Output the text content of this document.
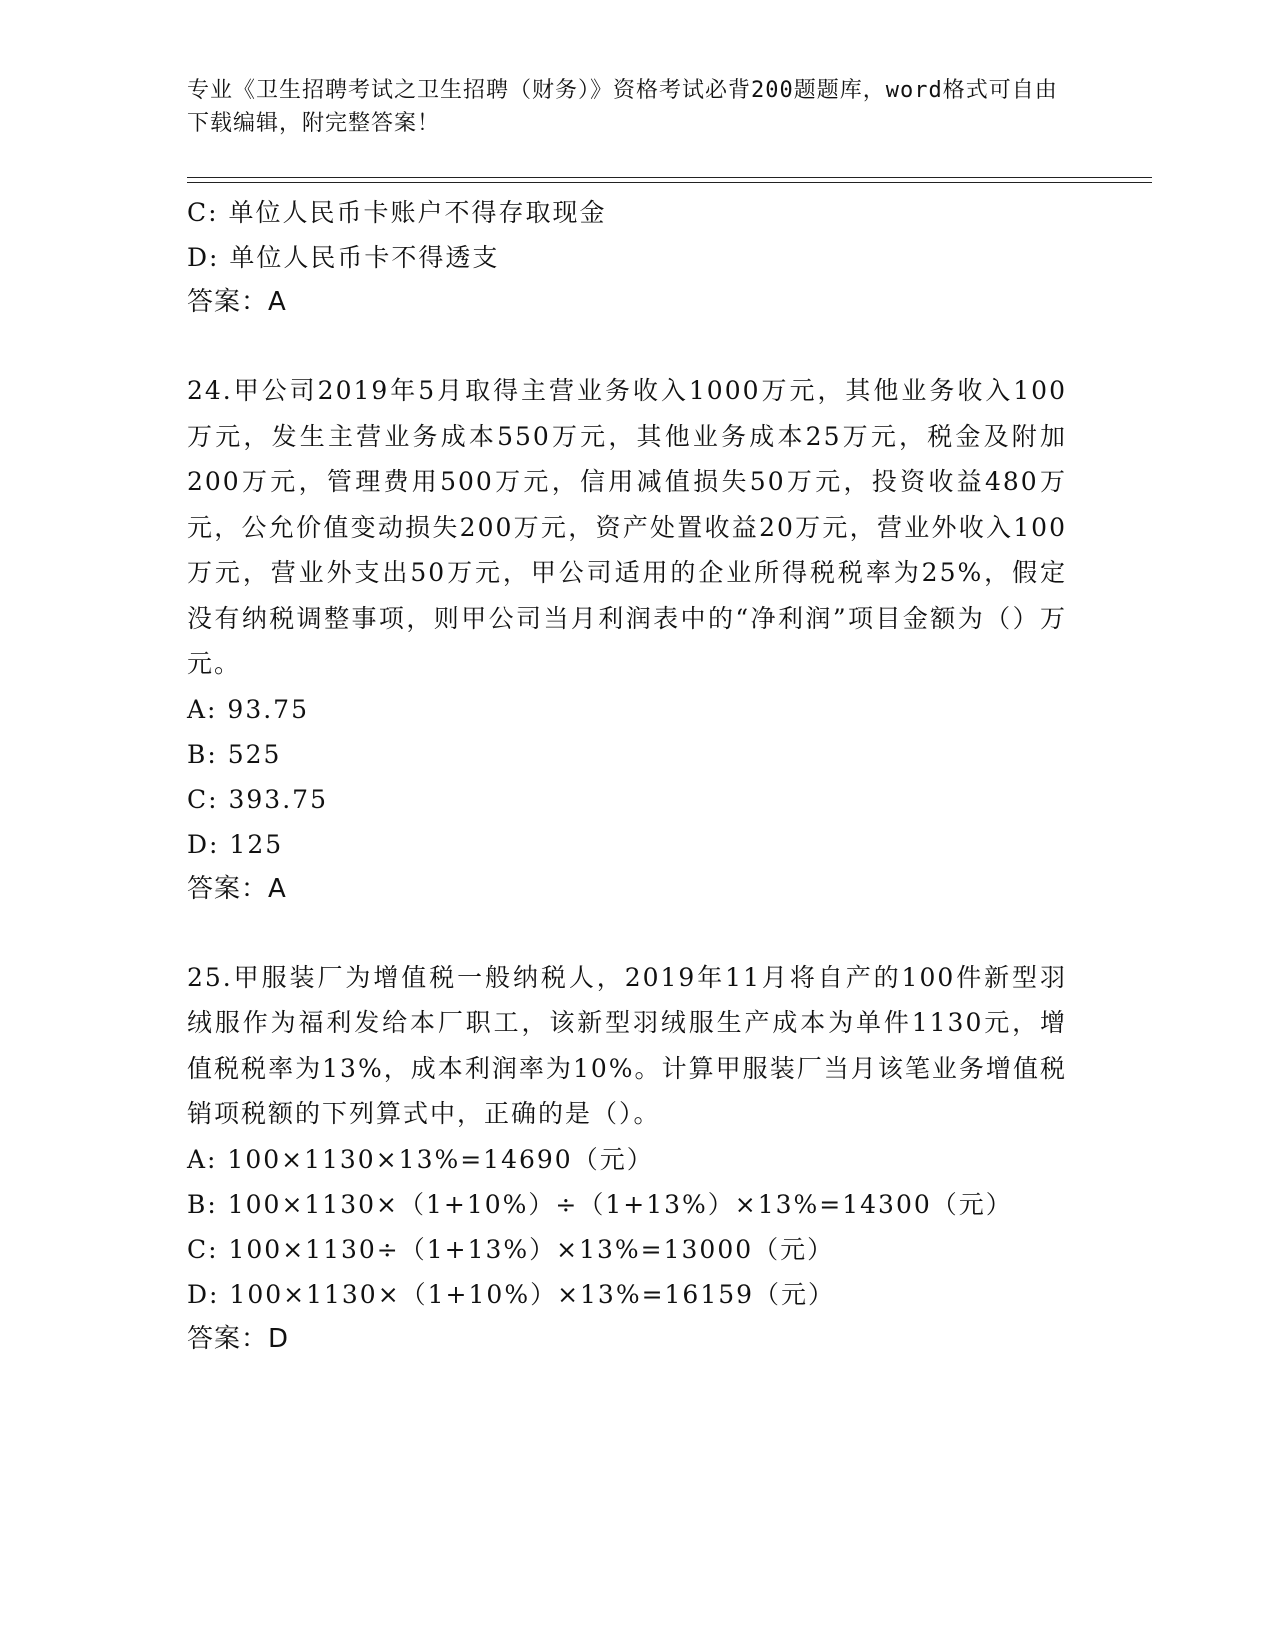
专业《卫生招聘考试之卫生招聘（财务）》资格考试必背200题题库，word格式可自由下载编辑，附完整答案！
C: 单位人民币卡账户不得存取现金
D: 单位人民币卡不得透支
答案：A
24.甲公司2019年5月取得主营业务收入1000万元，其他业务收入100万元，发生主营业务成本550万元，其他业务成本25万元，税金及附加200万元，管理费用500万元，信用减值损失50万元，投资收益480万元，公允价值变动损失200万元，资产处置收益20万元，营业外收入100万元，营业外支出50万元，甲公司适用的企业所得税税率为25%，假定没有纳税调整事项，则甲公司当月利润表中的“净利润”项目金额为（）万元。
A: 93.75
B: 525
C: 393.75
D: 125
答案：A
25.甲服装厂为增值税一般纳税人，2019年11月将自产的100件新型羽绒服作为福利发给本厂职工，该新型羽绒服生产成本为单件1130元，增值税税率为13%，成本利润率为10%。计算甲服装厂当月该笔业务增值税销项税额的下列算式中，正确的是（）。
A: 100×1130×13%=14690（元）
B: 100×1130×（1+10%）÷（1+13%）×13%=14300（元）
C: 100×1130÷（1+13%）×13%=13000（元）
D: 100×1130×（1+10%）×13%=16159（元）
答案：D
